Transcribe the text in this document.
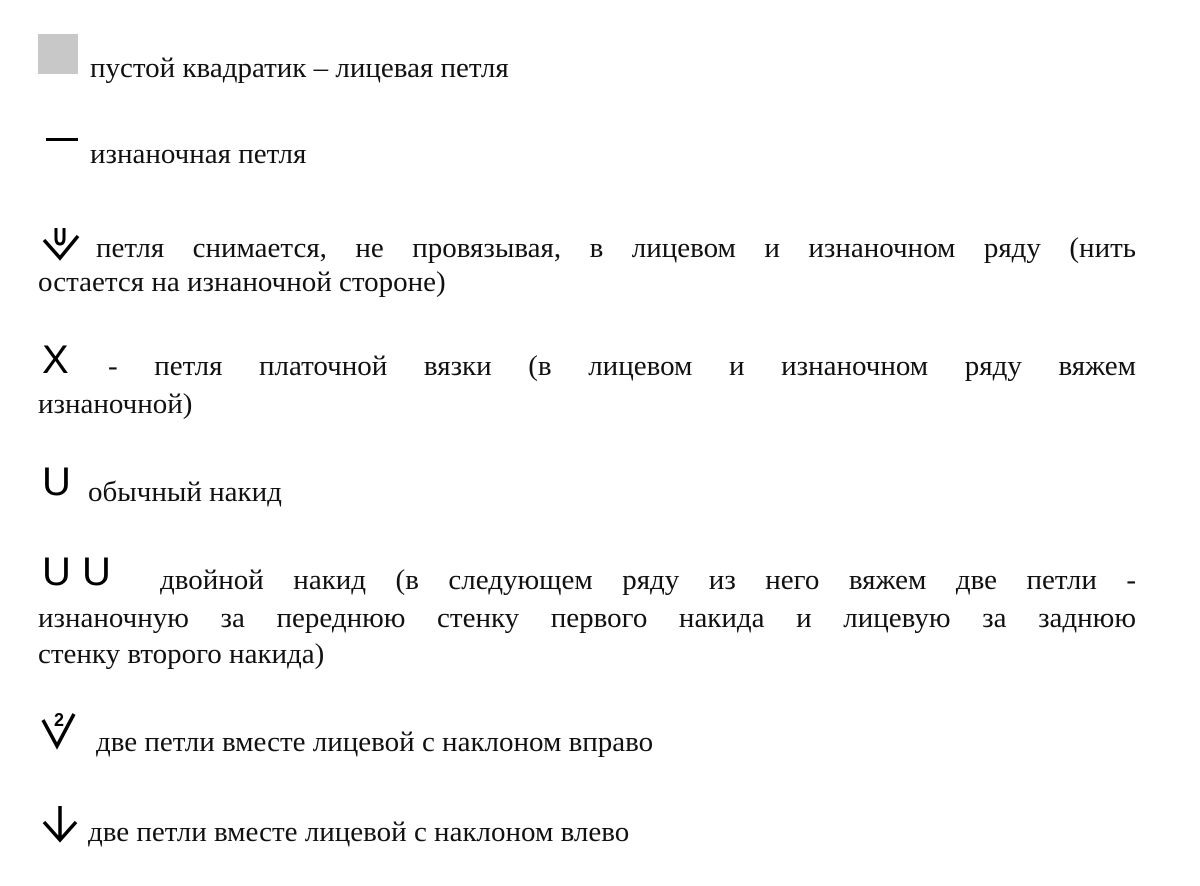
пустой квадратик – лицевая петля
изнаночная петля
петля снимается, не провязывая, в лицевом и изнаночном ряду (нить
остается на изнаночной стороне)
X - петля платочной вязки (в лицевом и изнаночном ряду вяжем
изнаночной)
U обычный накид
U U двойной накид (в следующем ряду из него вяжем две петли -
изнаночную за переднюю стенку первого накида и лицевую за заднюю
стенку второго накида)
2
две петли вместе лицевой с наклоном вправо
две петли вместе лицевой с наклоном влево
